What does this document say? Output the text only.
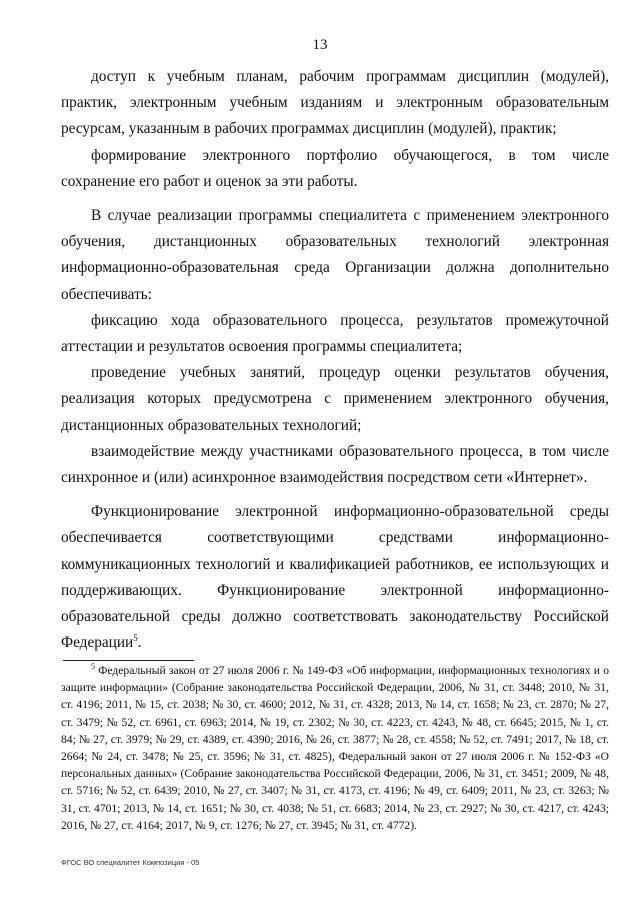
13

доступ к учебным планам, рабочим программам дисциплин (модулей), практик, электронным учебным изданиям и электронным образовательным ресурсам, указанным в рабочих программах дисциплин (модулей), практик;

формирование электронного портфолио обучающегося, в том числе сохранение его работ и оценок за эти работы.

В случае реализации программы специалитета с применением электронного обучения, дистанционных образовательных технологий электронная информационно-образовательная среда Организации должна дополнительно обеспечивать:

фиксацию хода образовательного процесса, результатов промежуточной аттестации и результатов освоения программы специалитета;

проведение учебных занятий, процедур оценки результатов обучения, реализация которых предусмотрена с применением электронного обучения, дистанционных образовательных технологий;

взаимодействие между участниками образовательного процесса, в том числе синхронное и (или) асинхронное взаимодействия посредством сети «Интернет».

Функционирование электронной информационно-образовательной среды обеспечивается соответствующими средствами информационно-коммуникационных технологий и квалификацией работников, ее использующих и поддерживающих. Функционирование электронной информационно-образовательной среды должно соответствовать законодательству Российской Федерации$^5$.

$^5$ Федеральный закон от 27 июля 2006 г. № 149-ФЗ «Об информации, информационных технологиях и о защите информации» (Собрание законодательства Российской Федерации, 2006, № 31, ст. 3448; 2010, № 31, ст. 4196; 2011, № 15, ст. 2038; № 30, ст. 4600; 2012, № 31, ст. 4328; 2013, № 14, ст. 1658; № 23, ст. 2870; № 27, ст. 3479; № 52, ст. 6961, ст. 6963; 2014, № 19, ст. 2302; № 30, ст. 4223, ст. 4243, № 48, ст. 6645; 2015, № 1, ст. 84; № 27, ст. 3979; № 29, ст. 4389, ст. 4390; 2016, № 26, ст. 3877; № 28, ст. 4558; № 52, ст. 7491; 2017, № 18, ст. 2664; № 24, ст. 3478; № 25, ст. 3596; № 31, ст. 4825), Федеральный закон от 27 июля 2006 г. № 152-ФЗ «О персональных данных» (Собрание законодательства Российской Федерации, 2006, № 31, ст. 3451; 2009, № 48, ст. 5716; № 52, ст. 6439; 2010, № 27, ст. 3407; № 31, ст. 4173, ст. 4196; № 49, ст. 6409; 2011, № 23, ст. 3263; № 31, ст. 4701; 2013, № 14, ст. 1651; № 30, ст. 4038; № 51, ст. 6683; 2014, № 23, ст. 2927; № 30, ст. 4217, ст. 4243; 2016, № 27, ст. 4164; 2017, № 9, ст. 1276; № 27, ст. 3945; № 31, ст. 4772).

ФГОС ВО специалитет Композиция - 05
